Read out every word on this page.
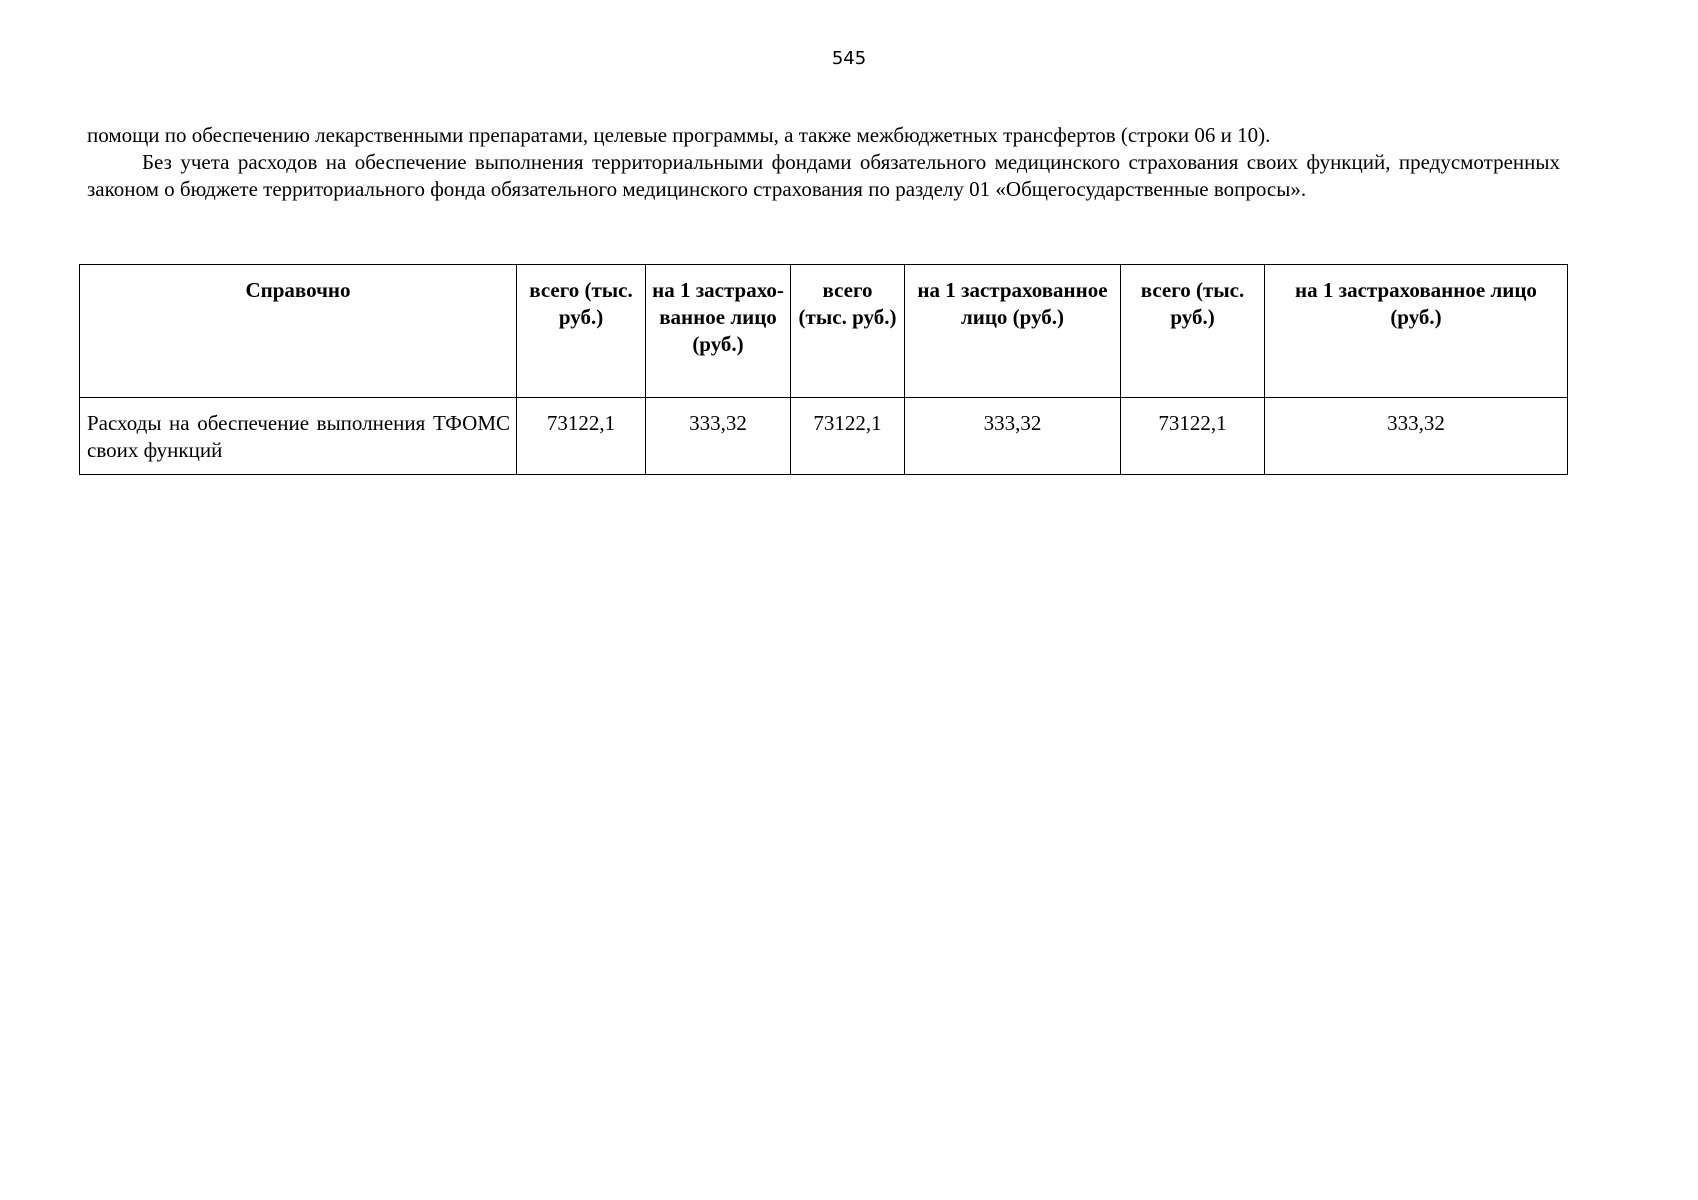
545

помощи по обеспечению лекарственными препаратами, целевые программы, а также межбюджетных трансфертов (строки 06 и 10).

Без учета расходов на обеспечение выполнения территориальными фондами обязательного медицинского страхования своих функций, предусмотренных законом о бюджете территориального фонда обязательного медицинского страхования по разделу 01 «Общегосударственные вопросы».

Справочно	всего (тыс. руб.)	на 1 застрахо-ванное лицо (руб.)	всего (тыс. руб.)	на 1 застрахованное лицо (руб.)	всего (тыс. руб.)	на 1 застрахованное лицо (руб.)
Расходы на обеспечение выполнения ТФОМС своих функций	73122,1	333,32	73122,1	333,32	73122,1	333,32
